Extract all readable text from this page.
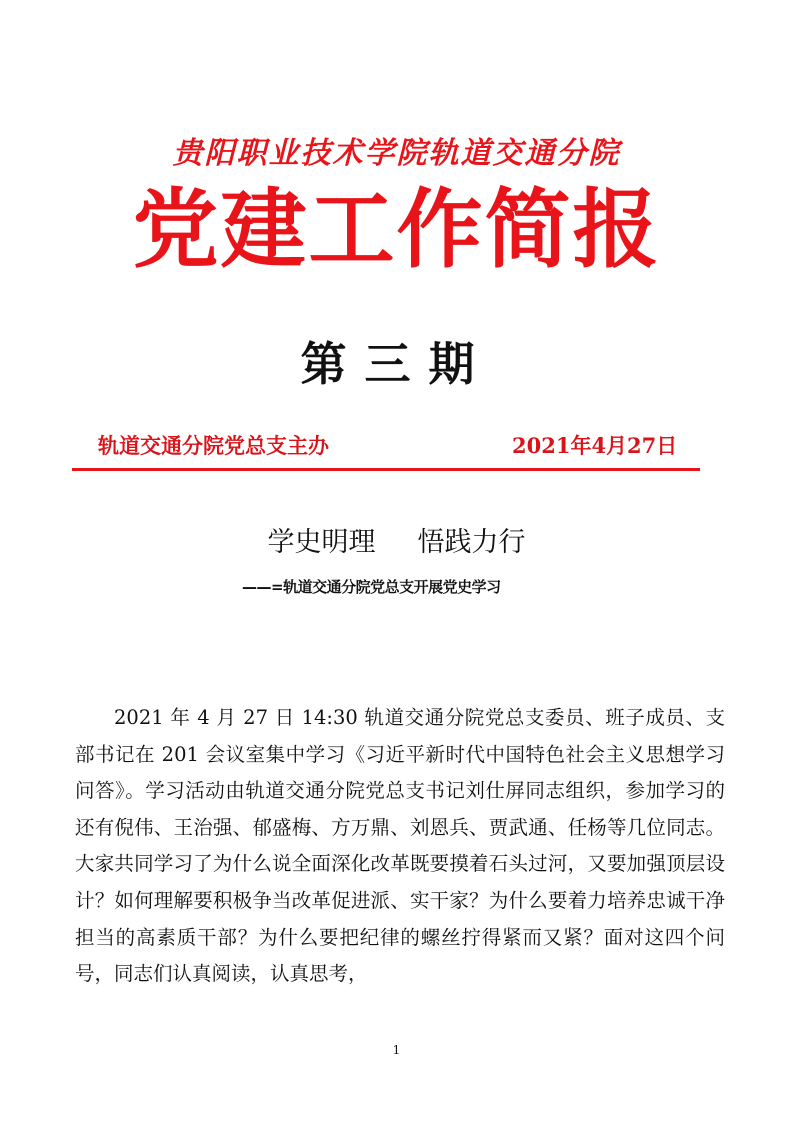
贵阳职业技术学院轨道交通分院
党建工作简报
第三期
轨道交通分院党总支主办	2021年4月27日
学史明理 悟践力行
——=轨道交通分院党总支开展党史学习

2021 年 4 月 27 日 14:30 轨道交通分院党总支委员、班子成员、支部书记在 201 会议室集中学习《习近平新时代中国特色社会主义思想学习问答》。学习活动由轨道交通分院党总支书记刘仕屏同志组织，参加学习的还有倪伟、王治强、郁盛梅、方万鼎、刘恩兵、贾武通、任杨等几位同志。大家共同学习了为什么说全面深化改革既要摸着石头过河，又要加强顶层设计？如何理解要积极争当改革促进派、实干家？为什么要着力培养忠诚干净担当的高素质干部？为什么要把纪律的螺丝拧得紧而又紧？面对这四个问号，同志们认真阅读，认真思考，

1
